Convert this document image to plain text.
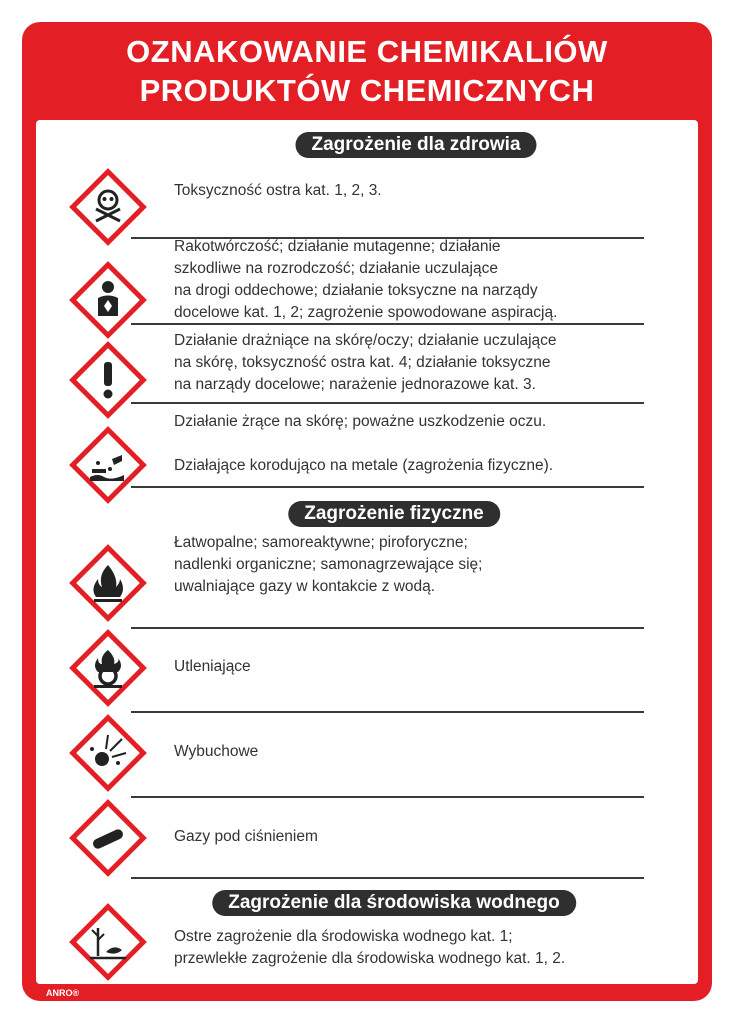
OZNAKOWANIE CHEMIKALIÓW
PRODUKTÓW CHEMICZNYCH
Zagrożenie dla zdrowia
Toksyczność ostra kat. 1, 2, 3.
Rakotwórczość; działanie mutagenne; działanie
szkodliwe na rozrodczość; działanie uczulające
na drogi oddechowe; działanie toksyczne na narządy
docelowe kat. 1, 2; zagrożenie spowodowane aspiracją.
Działanie drażniące na skórę/oczy; działanie uczulające
na skórę, toksyczność ostra kat. 4; działanie toksyczne
na narządy docelowe; narażenie jednorazowe kat. 3.
Działanie żrące na skórę; poważne uszkodzenie oczu.
Działające korodująco na metale (zagrożenia fizyczne).
Zagrożenie fizyczne
Łatwopalne; samoreaktywne; piroforyczne;
nadlenki organiczne; samonagrzewające się;
uwalniające gazy w kontakcie z wodą.
Utleniające
Wybuchowe
Gazy pod ciśnieniem
Zagrożenie dla środowiska wodnego
Ostre zagrożenie dla środowiska wodnego kat. 1;
przewlekłe zagrożenie dla środowiska wodnego kat. 1, 2.
ANRO®
